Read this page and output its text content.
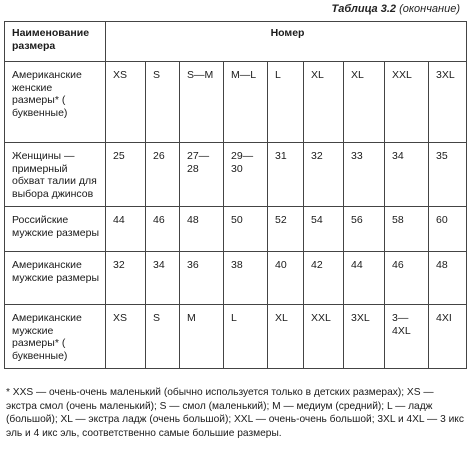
Таблица 3.2 (окончание)
Наименование размера	Номер								
Американские женские размеры* ( буквенные)	XS	S	S—M	M—L	L	XL	XL	XXL	3XL
Женщины — примерный обхват талии для выбора джинсов	25	26	27—28	29—30	31	32	33	34	35
Российские мужские размеры	44	46	48	50	52	54	56	58	60
Американские мужские размеры	32	34	36	38	40	42	44	46	48
Американские мужские размеры* ( буквенные)	XS	S	M	L	XL	XXL	3XL	3—4XL	4XI
* XXS — очень-очень маленький (обычно используется только в детских размерах); XS — экстра смол (очень маленький); S — смол (маленький); M — медиум (средний); L — ладж (большой); XL — экстра ладж (очень большой); XXL — очень-очень большой; 3XL и 4XL — 3 икс эль и 4 икс эль, соответственно самые большие размеры.
